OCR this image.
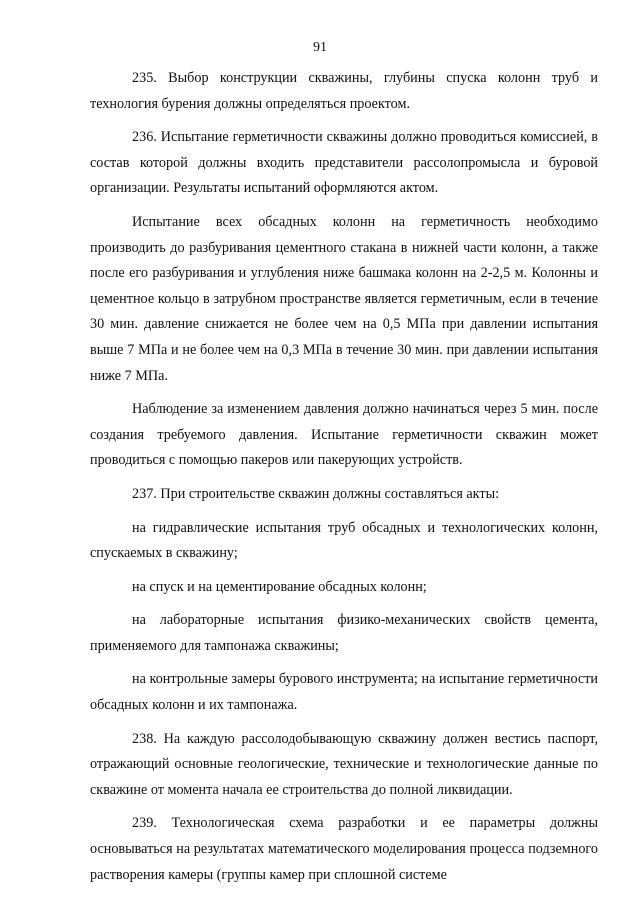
91

235. Выбор конструкции скважины, глубины спуска колонн труб и технология бурения должны определяться проектом.

236. Испытание герметичности скважины должно проводиться комиссией, в состав которой должны входить представители рассолопромысла и буровой организации. Результаты испытаний оформляются актом.

Испытание всех обсадных колонн на герметичность необходимо производить до разбуривания цементного стакана в нижней части колонн, а также после его разбуривания и углубления ниже башмака колонн на 2-2,5 м. Колонны и цементное кольцо в затрубном пространстве является герметичным, если в течение 30 мин. давление снижается не более чем на 0,5 МПа при давлении испытания выше 7 МПа и не более чем на 0,3 МПа в течение 30 мин. при давлении испытания ниже 7 МПа.

Наблюдение за изменением давления должно начинаться через 5 мин. после создания требуемого давления. Испытание герметичности скважин может проводиться с помощью пакеров или пакерующих устройств.

237. При строительстве скважин должны составляться акты:

на гидравлические испытания труб обсадных и технологических колонн, спускаемых в скважину;

на спуск и на цементирование обсадных колонн;

на лабораторные испытания физико-механических свойств цемента, применяемого для тампонажа скважины;

на контрольные замеры бурового инструмента; на испытание герметичности обсадных колонн и их тампонажа.

238. На каждую рассолодобывающую скважину должен вестись паспорт, отражающий основные геологические, технические и технологические данные по скважине от момента начала ее строительства до полной ликвидации.

239. Технологическая схема разработки и ее параметры должны основываться на результатах математического моделирования процесса подземного растворения камеры (группы камер при сплошной системе
